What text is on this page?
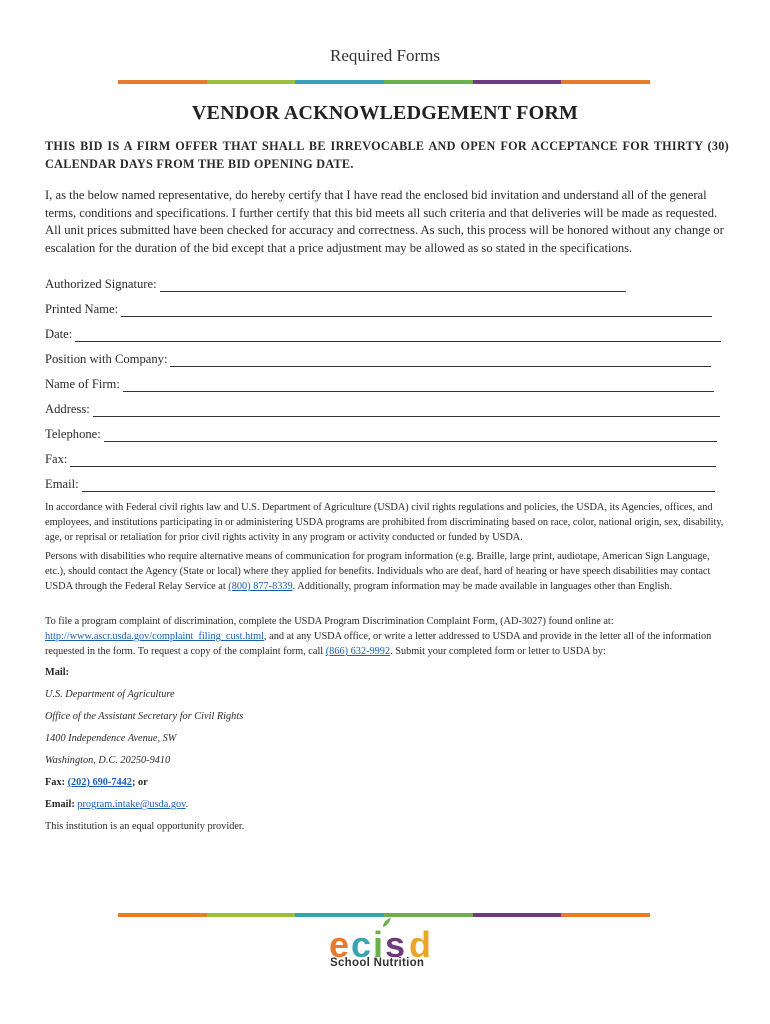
Required Forms
VENDOR ACKNOWLEDGEMENT FORM
THIS BID IS A FIRM OFFER THAT SHALL BE IRREVOCABLE AND OPEN FOR ACCEPTANCE FOR THIRTY (30) CALENDAR DAYS FROM THE BID OPENING DATE.
I, as the below named representative, do hereby certify that I have read the enclosed bid invitation and understand all of the general terms, conditions and specifications. I further certify that this bid meets all such criteria and that deliveries will be made as requested. All unit prices submitted have been checked for accuracy and correctness. As such, this process will be honored without any change or escalation for the duration of the bid except that a price adjustment may be allowed as so stated in the specifications.
Authorized Signature:
Printed Name:
Date:
Position with Company:
Name of Firm:
Address:
Telephone:
Fax:
Email:
In accordance with Federal civil rights law and U.S. Department of Agriculture (USDA) civil rights regulations and policies, the USDA, its Agencies, offices, and employees, and institutions participating in or administering USDA programs are prohibited from discriminating based on race, color, national origin, sex, disability, age, or reprisal or retaliation for prior civil rights activity in any program or activity conducted or funded by USDA.
Persons with disabilities who require alternative means of communication for program information (e.g. Braille, large print, audiotape, American Sign Language, etc.), should contact the Agency (State or local) where they applied for benefits. Individuals who are deaf, hard of hearing or have speech disabilities may contact USDA through the Federal Relay Service at (800) 877-8339. Additionally, program information may be made available in languages other than English.
To file a program complaint of discrimination, complete the USDA Program Discrimination Complaint Form, (AD-3027) found online at: http://www.ascr.usda.gov/complaint_filing_cust.html, and at any USDA office, or write a letter addressed to USDA and provide in the letter all of the information requested in the form. To request a copy of the complaint form, call (866) 632-9992. Submit your completed form or letter to USDA by:
Mail:
U.S. Department of Agriculture
Office of the Assistant Secretary for Civil Rights
1400 Independence Avenue, SW
Washington, D.C. 20250-9410
Fax: (202) 690-7442; or
Email: program.intake@usda.gov.
This institution is an equal opportunity provider.
e c i s d
School Nutrition
